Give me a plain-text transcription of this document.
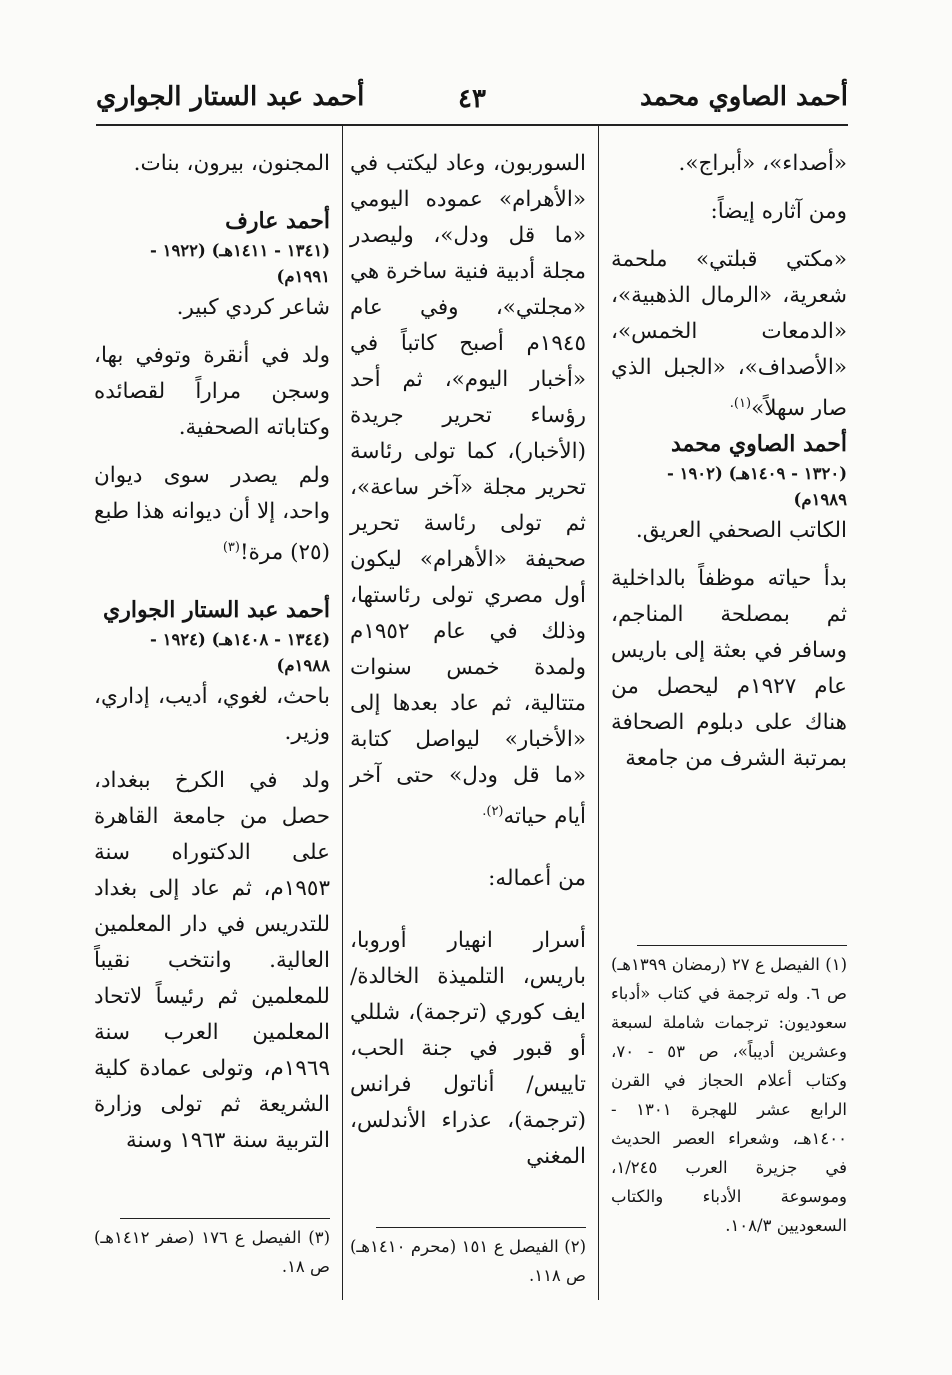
أحمد الصاوي محمد
٤٣
أحمد عبد الستار الجواري

«أصداء»، «أبراج».

ومن آثاره إيضاً:

«مكتي قبلتي» ملحمة شعرية، «الرمال الذهبية»، «الدمعات الخمس»، «الأصداف»، «الجبل الذي صار سهلاً»$^{(١).}$

أحمد الصاوي محمد
(١٣٢٠ - ١٤٠٩هـ) (١٩٠٢ - ١٩٨٩م)

الكاتب الصحفي العريق.

بدأ حياته موظفاً بالداخلية ثم بمصلحة المناجم، وسافر في بعثة إلى باريس عام ١٩٢٧م ليحصل من هناك على دبلوم الصحافة بمرتبة الشرف من جامعة

(١) الفيصل ع ٢٧ (رمضان ١٣٩٩هـ) ص ٦. وله ترجمة في كتاب «أدباء سعوديون: ترجمات شاملة لسبعة وعشرين أديباً»، ص ٥٣ - ٧٠، وكتاب أعلام الحجاز في القرن الرابع عشر للهجرة ١٣٠١ - ١٤٠٠هـ، وشعراء العصر الحديث في جزيرة العرب ١/٢٤٥، وموسوعة الأدباء والكتاب السعوديين ١٠٨/٣.

السوربون، وعاد ليكتب في «الأهرام» عموده اليومي «ما قل ودل»، وليصدر مجلة أدبية فنية ساخرة هي «مجلتي»، وفي عام ١٩٤٥م أصبح كاتباً في «أخبار اليوم»، ثم أحد رؤساء تحرير جريدة (الأخبار)، كما تولى رئاسة تحرير مجلة «آخر ساعة»، ثم تولى رئاسة تحرير صحيفة «الأهرام» ليكون أول مصري تولى رئاستها، وذلك في عام ١٩٥٢م ولمدة خمس سنوات متتالية، ثم عاد بعدها إلى «الأخبار» ليواصل كتابة «ما قل ودل» حتى آخر أيام حياته$^{(٢).}$

من أعماله:

أسرار انهيار أوروبا، باريس، التلميذة الخالدة/ ايف كوري (ترجمة)، شللي أو قبور في جنة الحب، تاييس/ أناتول فرانس (ترجمة)، عذراء الأندلس، المغني

(٢) الفيصل ع ١٥١ (محرم ١٤١٠هـ) ص ١١٨.

المجنون، بيرون، بنات.

أحمد عارف
(١٣٤١ - ١٤١١هـ) (١٩٢٢ - ١٩٩١م)

شاعر كردي كبير.

ولد في أنقرة وتوفي بها، وسجن مراراً لقصائده وكتاباته الصحفية.

ولم يصدر سوى ديوان واحد، إلا أن ديوانه هذا طبع (٢٥) مرة!$^{(٣)}$

أحمد عبد الستار الجواري
(١٣٤٤ - ١٤٠٨هـ) (١٩٢٤ - ١٩٨٨م)

باحث، لغوي، أديب، إداري، وزير.

ولد في الكرخ ببغداد، حصل من جامعة القاهرة على الدكتوراه سنة ١٩٥٣م، ثم عاد إلى بغداد للتدريس في دار المعلمين العالية. وانتخب نقيباً للمعلمين ثم رئيساً لاتحاد المعلمين العرب سنة ١٩٦٩م، وتولى عمادة كلية الشريعة ثم تولى وزارة التربية سنة ١٩٦٣ وسنة

(٣) الفيصل ع ١٧٦ (صفر ١٤١٢هـ) ص ١٨.
